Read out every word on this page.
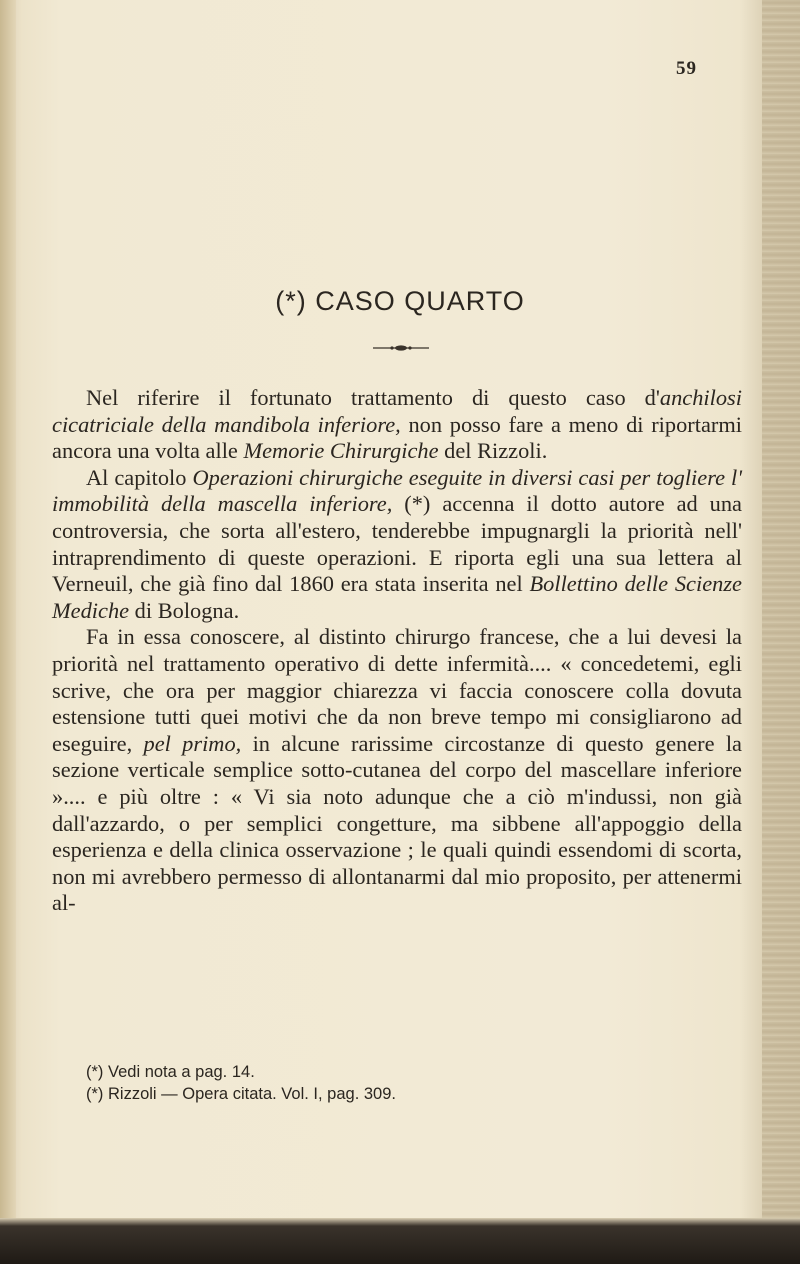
59
(*) CASO QUARTO

Nel riferire il fortunato trattamento di questo caso d'anchilosi cicatriciale della mandibola inferiore, non posso fare a meno di riportarmi ancora una volta alle Memorie Chirurgiche del Rizzoli.

Al capitolo Operazioni chirurgiche eseguite in diversi casi per togliere l' immobilità della mascella inferiore, (*) accenna il dotto autore ad una controversia, che sorta all'estero, tenderebbe impugnargli la priorità nell' intraprendimento di queste operazioni. E riporta egli una sua lettera al Verneuil, che già fino dal 1860 era stata inserita nel Bollettino delle Scienze Mediche di Bologna.

Fa in essa conoscere, al distinto chirurgo francese, che a lui devesi la priorità nel trattamento operativo di dette infermità.... « concedetemi, egli scrive, che ora per maggior chiarezza vi faccia conoscere colla dovuta estensione tutti quei motivi che da non breve tempo mi consigliarono ad eseguire, pel primo, in alcune rarissime circostanze di questo genere la sezione verticale semplice sotto-cutanea del corpo del mascellare inferiore ».... e più oltre : « Vi sia noto adunque che a ciò m'indussi, non già dall'azzardo, o per semplici congetture, ma sibbene all'appoggio della esperienza e della clinica osservazione ; le quali quindi essendomi di scorta, non mi avrebbero permesso di allontanarmi dal mio proposito, per attenermi al-

(*) Vedi nota a pag. 14.
(*) Rizzoli — Opera citata. Vol. I, pag. 309.
